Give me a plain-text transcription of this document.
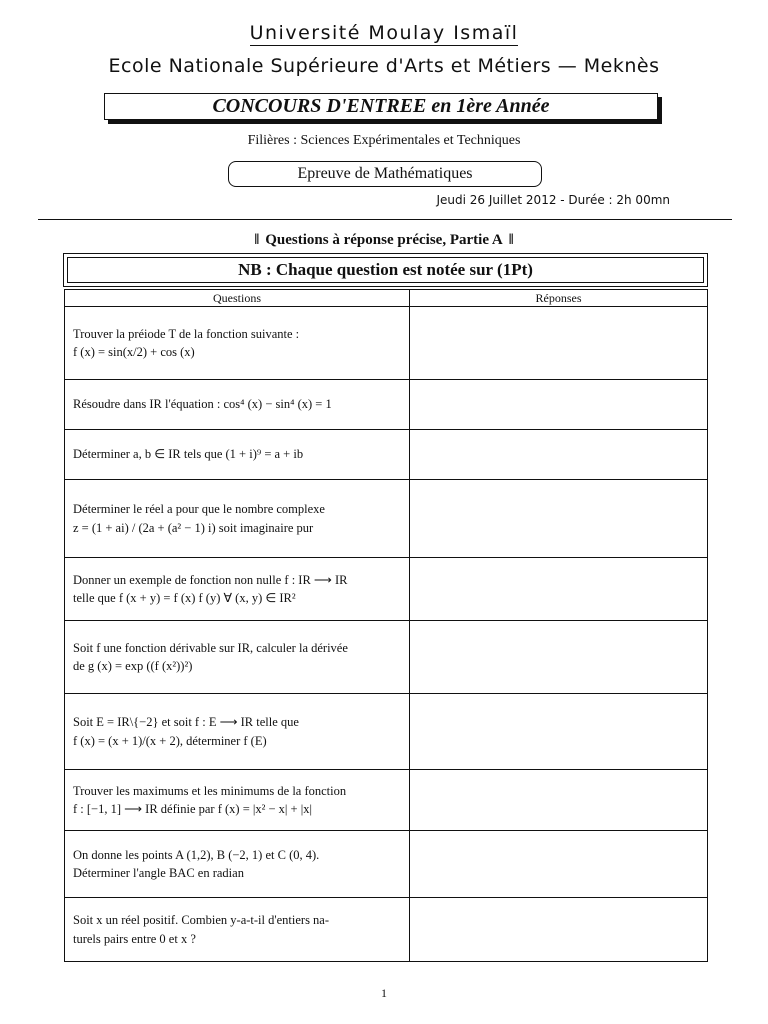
Université Moulay Ismaïl
Ecole Nationale Supérieure d'Arts et Métiers — Meknès
CONCOURS D'ENTREE en 1ère Année
Filières : Sciences Expérimentales et Techniques
Epreuve de Mathématiques
Jeudi 26 Juillet 2012 - Durée : 2h 00mn
‖ Questions à réponse précise, Partie A ‖
NB : Chaque question est notée sur (1Pt)
Questions	Réponses

Trouver la préiode T de la fonction suivante :
f (x) = sin(x/2) + cos (x)	

Résoudre dans IR l'équation : cos⁴ (x) − sin⁴ (x) = 1	

Déterminer a, b ∈ IR tels que (1 + i)⁹ = a + ib	

Déterminer le réel a pour que le nombre complexe
z = (1 + ai) / (2a + (a² − 1) i) soit imaginaire pur	

Donner un exemple de fonction non nulle f : IR ⟶ IR
telle que f (x + y) = f (x) f (y) ∀ (x, y) ∈ IR²	

Soit f une fonction dérivable sur IR, calculer la dérivée
de g (x) = exp ((f (x²))²)	

Soit E = IR\{−2} et soit f : E ⟶ IR telle que
f (x) = (x + 1)/(x + 2), déterminer f (E)	

Trouver les maximums et les minimums de la fonction
f : [−1, 1] ⟶ IR définie par f (x) = |x² − x| + |x|	

On donne les points A (1,2), B (−2, 1) et C (0, 4).
Déterminer l'angle BAC en radian	

Soit x un réel positif. Combien y-a-t-il d'entiers na-
turels pairs entre 0 et x ?	

1
